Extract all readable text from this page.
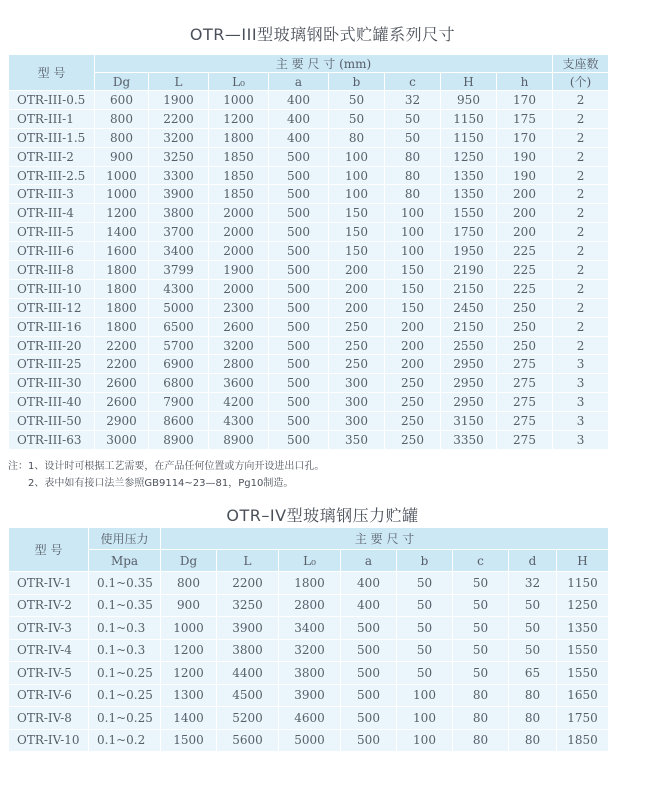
OTR—III型玻璃钢卧式贮罐系列尺寸
型 号	主 要 尺 寸 (mm)								支座数
	Dg	L	L₀	a	b	c	H	h	(个)
OTR-III-0.5	600	1900	1000	400	50	32	950	170	2
OTR-III-1	800	2200	1200	400	50	50	1150	175	2
OTR-III-1.5	800	3200	1800	400	80	50	1150	170	2
OTR-III-2	900	3250	1850	500	100	80	1250	190	2
OTR-III-2.5	1000	3300	1850	500	100	80	1350	190	2
OTR-III-3	1000	3900	1850	500	100	80	1350	200	2
OTR-III-4	1200	3800	2000	500	150	100	1550	200	2
OTR-III-5	1400	3700	2000	500	150	100	1750	200	2
OTR-III-6	1600	3400	2000	500	150	100	1950	225	2
OTR-III-8	1800	3799	1900	500	200	150	2190	225	2
OTR-III-10	1800	4300	2000	500	200	150	2150	225	2
OTR-III-12	1800	5000	2300	500	200	150	2450	250	2
OTR-III-16	1800	6500	2600	500	250	200	2150	250	2
OTR-III-20	2200	5700	3200	500	250	200	2550	250	2
OTR-III-25	2200	6900	2800	500	250	200	2950	275	3
OTR-III-30	2600	6800	3600	500	300	250	2950	275	3
OTR-III-40	2600	7900	4200	500	300	250	2950	275	3
OTR-III-50	2900	8600	4300	500	300	250	3150	275	3
OTR-III-63	3000	8900	8900	500	350	250	3350	275	3
注：1、设计时可根据工艺需要，在产品任何位置或方向开设进出口孔。
2、表中如有接口法兰参照GB9114~23—81，Pg10制造。
OTR–IV型玻璃钢压力贮罐
型 号	使用压力	主 要 尺 寸							
	Mpa	Dg	L	L₀	a	b	c	d	H
OTR-IV-1	0.1~0.35	800	2200	1800	400	50	50	32	1150
OTR-IV-2	0.1~0.35	900	3250	2800	400	50	50	50	1250
OTR-IV-3	0.1~0.3	1000	3900	3400	500	50	50	50	1350
OTR-IV-4	0.1~0.3	1200	3800	3200	500	50	50	50	1550
OTR-IV-5	0.1~0.25	1200	4400	3800	500	50	50	65	1550
OTR-IV-6	0.1~0.25	1300	4500	3900	500	100	80	80	1650
OTR-IV-8	0.1~0.25	1400	5200	4600	500	100	80	80	1750
OTR-IV-10	0.1~0.2	1500	5600	5000	500	100	80	80	1850
